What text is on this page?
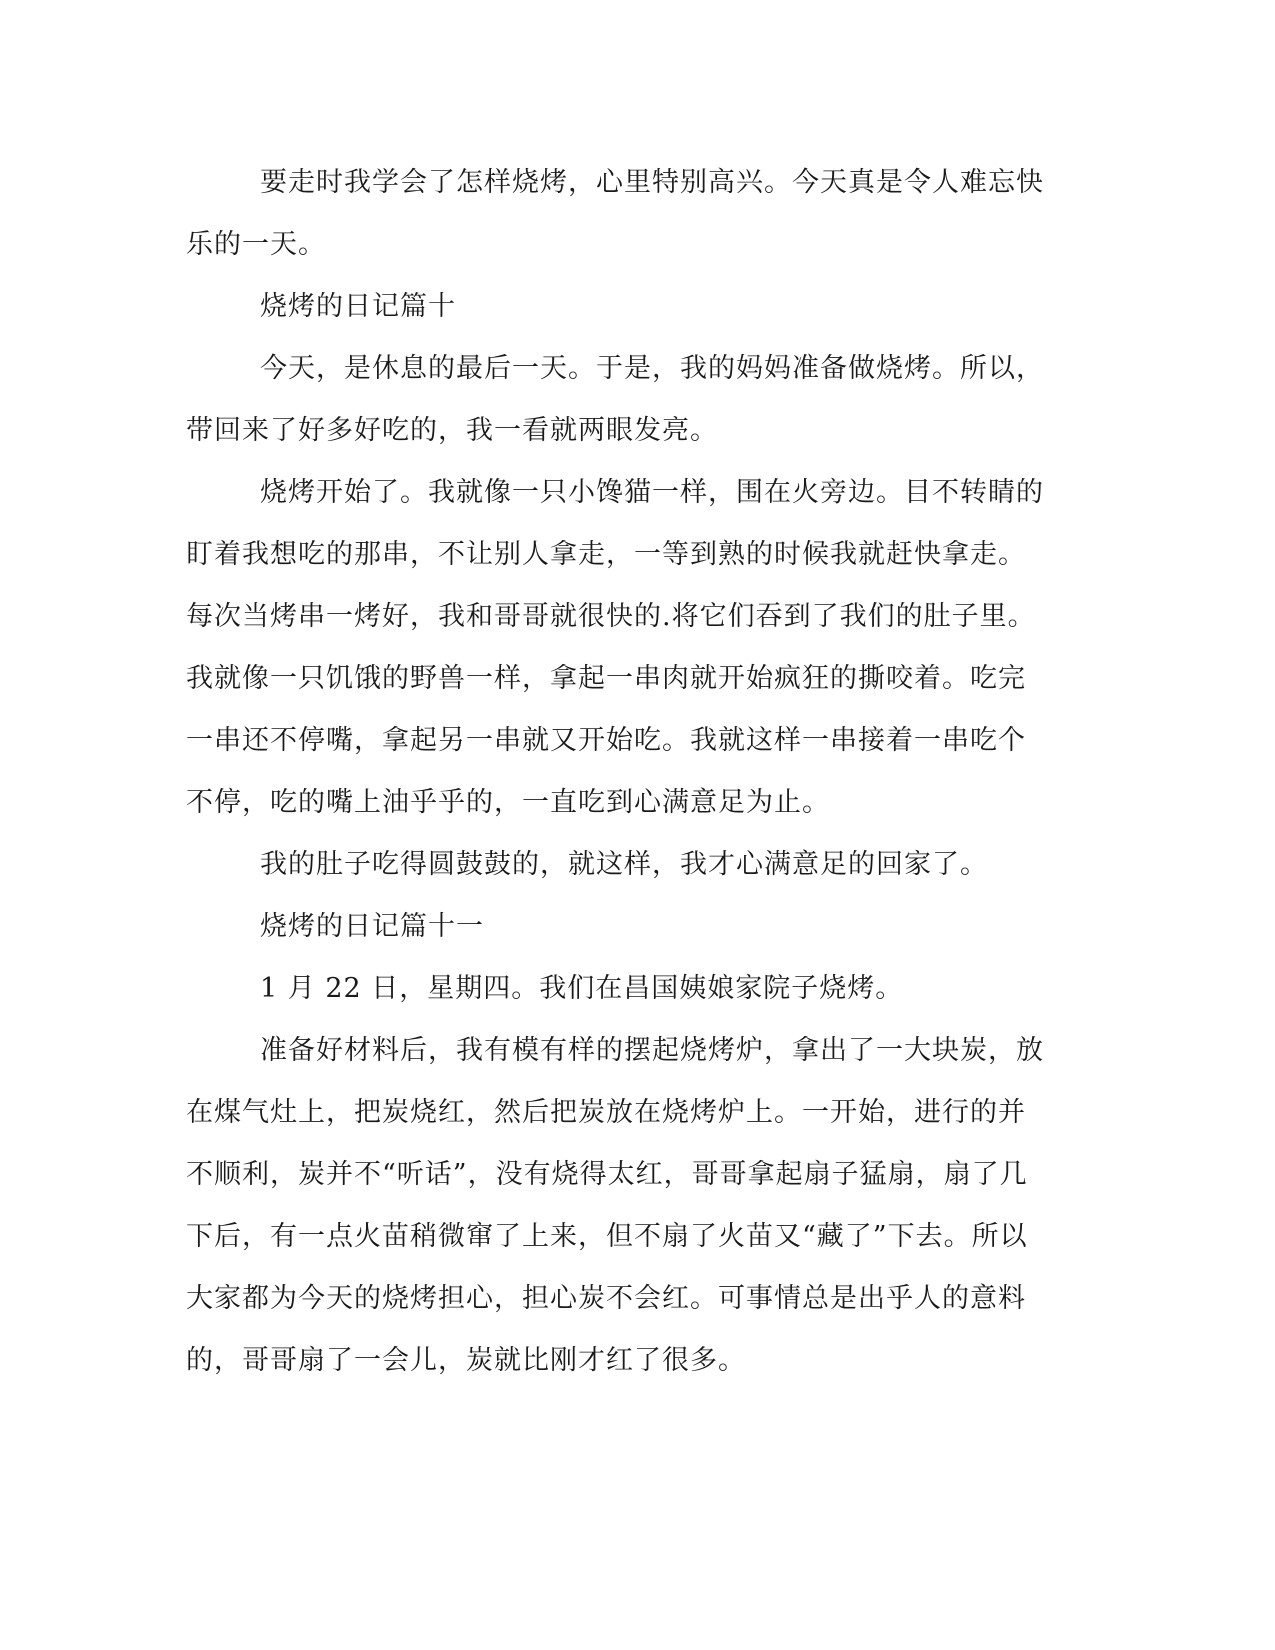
要走时我学会了怎样烧烤，心里特别高兴。今天真是令人难忘快
乐的一天。
烧烤的日记篇十
今天，是休息的最后一天。于是，我的妈妈准备做烧烤。所以，
带回来了好多好吃的，我一看就两眼发亮。
烧烤开始了。我就像一只小馋猫一样，围在火旁边。目不转睛的
盯着我想吃的那串，不让别人拿走，一等到熟的时候我就赶快拿走。
每次当烤串一烤好，我和哥哥就很快的.将它们吞到了我们的肚子里。
我就像一只饥饿的野兽一样，拿起一串肉就开始疯狂的撕咬着。吃完
一串还不停嘴，拿起另一串就又开始吃。我就这样一串接着一串吃个
不停，吃的嘴上油乎乎的，一直吃到心满意足为止。
我的肚子吃得圆鼓鼓的，就这样，我才心满意足的回家了。
烧烤的日记篇十一
1 月 22 日，星期四。我们在昌国姨娘家院子烧烤。
准备好材料后，我有模有样的摆起烧烤炉，拿出了一大块炭，放
在煤气灶上，把炭烧红，然后把炭放在烧烤炉上。一开始，进行的并
不顺利，炭并不“听话”，没有烧得太红，哥哥拿起扇子猛扇，扇了几
下后，有一点火苗稍微窜了上来，但不扇了火苗又“藏了”下去。所以
大家都为今天的烧烤担心，担心炭不会红。可事情总是出乎人的意料
的，哥哥扇了一会儿，炭就比刚才红了很多。
